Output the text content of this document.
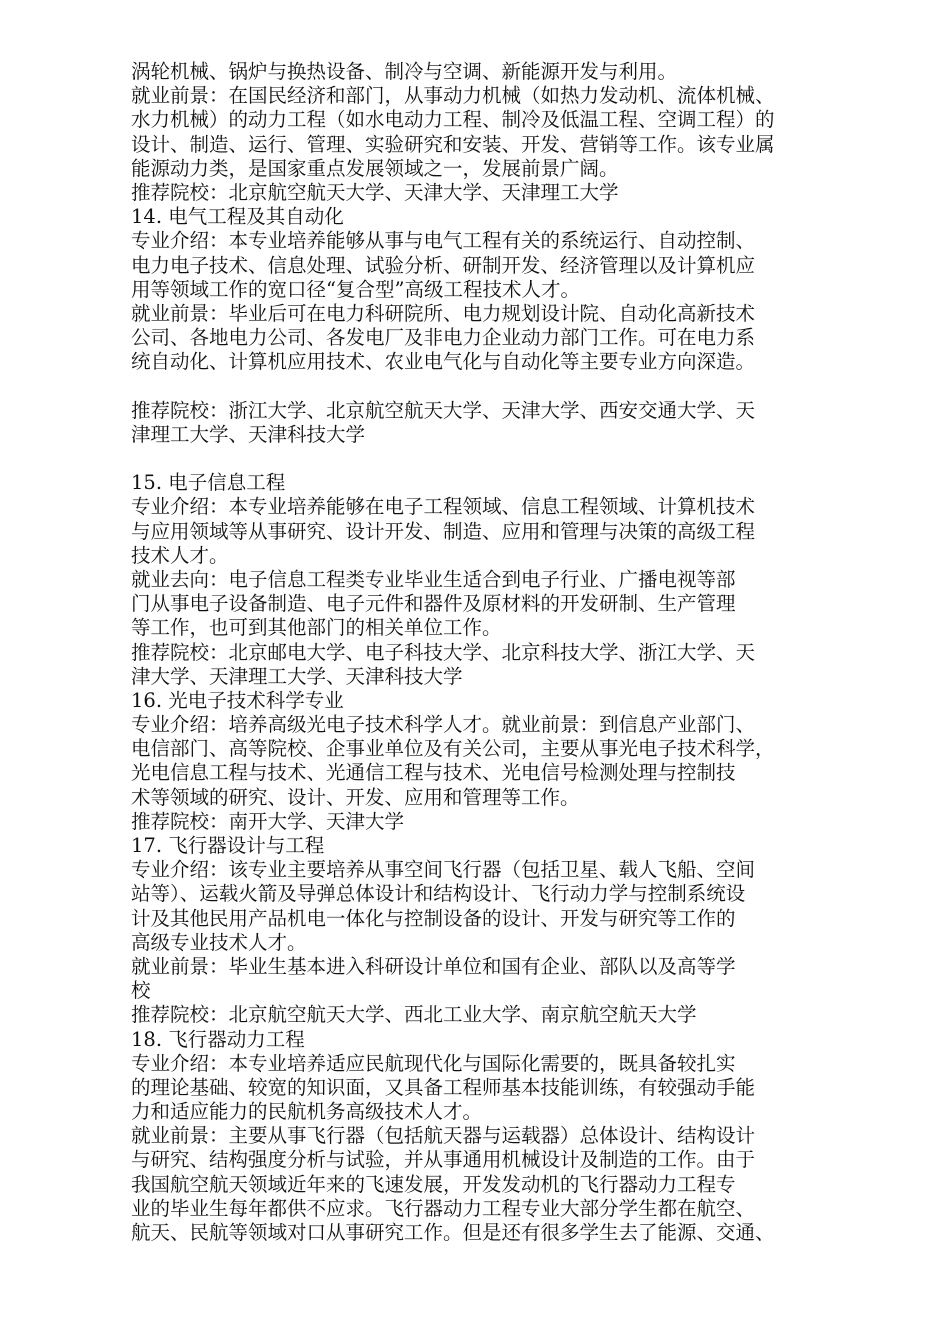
涡轮机械、锅炉与换热设备、制冷与空调、新能源开发与利用。
就业前景：在国民经济和部门，从事动力机械（如热力发动机、流体机械、
水力机械）的动力工程（如水电动力工程、制冷及低温工程、空调工程）的
设计、制造、运行、管理、实验研究和安装、开发、营销等工作。该专业属
能源动力类，是国家重点发展领域之一，发展前景广阔。
推荐院校：北京航空航天大学、天津大学、天津理工大学
14. 电气工程及其自动化
专业介绍：本专业培养能够从事与电气工程有关的系统运行、自动控制、
电力电子技术、信息处理、试验分析、研制开发、经济管理以及计算机应
用等领域工作的宽口径“复合型”高级工程技术人才。
就业前景：毕业后可在电力科研院所、电力规划设计院、自动化高新技术
公司、各地电力公司、各发电厂及非电力企业动力部门工作。可在电力系
统自动化、计算机应用技术、农业电气化与自动化等主要专业方向深造。
推荐院校：浙江大学、北京航空航天大学、天津大学、西安交通大学、天
津理工大学、天津科技大学
15. 电子信息工程
专业介绍：本专业培养能够在电子工程领域、信息工程领域、计算机技术
与应用领域等从事研究、设计开发、制造、应用和管理与决策的高级工程
技术人才。
就业去向：电子信息工程类专业毕业生适合到电子行业、广播电视等部
门从事电子设备制造、电子元件和器件及原材料的开发研制、生产管理
等工作，也可到其他部门的相关单位工作。
推荐院校：北京邮电大学、电子科技大学、北京科技大学、浙江大学、天
津大学、天津理工大学、天津科技大学
16. 光电子技术科学专业
专业介绍：培养高级光电子技术科学人才。就业前景：到信息产业部门、
电信部门、高等院校、企事业单位及有关公司，主要从事光电子技术科学，
光电信息工程与技术、光通信工程与技术、光电信号检测处理与控制技
术等领域的研究、设计、开发、应用和管理等工作。
推荐院校：南开大学、天津大学
17. 飞行器设计与工程
专业介绍：该专业主要培养从事空间飞行器（包括卫星、载人飞船、空间
站等）、运载火箭及导弹总体设计和结构设计、飞行动力学与控制系统设
计及其他民用产品机电一体化与控制设备的设计、开发与研究等工作的
高级专业技术人才。
就业前景：毕业生基本进入科研设计单位和国有企业、部队以及高等学
校
推荐院校：北京航空航天大学、西北工业大学、南京航空航天大学
18. 飞行器动力工程
专业介绍：本专业培养适应民航现代化与国际化需要的，既具备较扎实
的理论基础、较宽的知识面，又具备工程师基本技能训练，有较强动手能
力和适应能力的民航机务高级技术人才。
就业前景：主要从事飞行器（包括航天器与运载器）总体设计、结构设计
与研究、结构强度分析与试验，并从事通用机械设计及制造的工作。由于
我国航空航天领域近年来的飞速发展，开发发动机的飞行器动力工程专
业的毕业生每年都供不应求。飞行器动力工程专业大部分学生都在航空、
航天、民航等领域对口从事研究工作。但是还有很多学生去了能源、交通、
